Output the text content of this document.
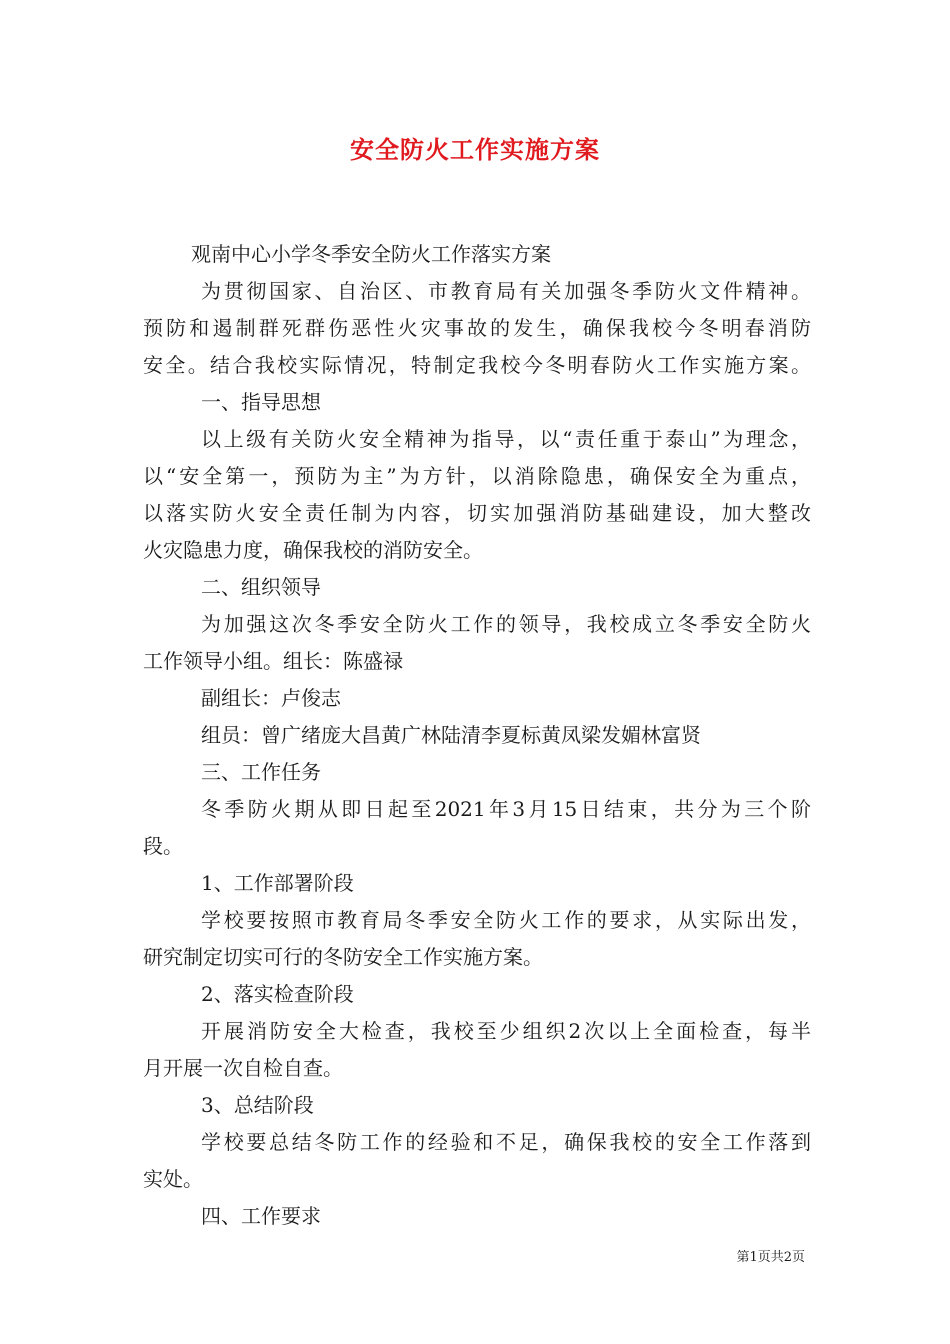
安全防火工作实施方案
观南中心小学冬季安全防火工作落实方案
为贯彻国家、自治区、市教育局有关加强冬季防火文件精神。
预防和遏制群死群伤恶性火灾事故的发生，确保我校今冬明春消防
安全。结合我校实际情况，特制定我校今冬明春防火工作实施方案。
一、指导思想
以上级有关防火安全精神为指导，以“责任重于泰山”为理念，
以“安全第一，预防为主”为方针，以消除隐患，确保安全为重点，
以落实防火安全责任制为内容，切实加强消防基础建设，加大整改
火灾隐患力度，确保我校的消防安全。
二、组织领导
为加强这次冬季安全防火工作的领导，我校成立冬季安全防火
工作领导小组。组长：陈盛禄
副组长：卢俊志
组员：曾广绪庞大昌黄广林陆清李夏标黄凤梁发媚林富贤
三、工作任务
冬季防火期从即日起至2021年3月15日结束，共分为三个阶
段。
1、工作部署阶段
学校要按照市教育局冬季安全防火工作的要求，从实际出发，
研究制定切实可行的冬防安全工作实施方案。
2、落实检查阶段
开展消防安全大检查，我校至少组织2次以上全面检查，每半
月开展一次自检自查。
3、总结阶段
学校要总结冬防工作的经验和不足，确保我校的安全工作落到
实处。
四、工作要求
第1页共2页
